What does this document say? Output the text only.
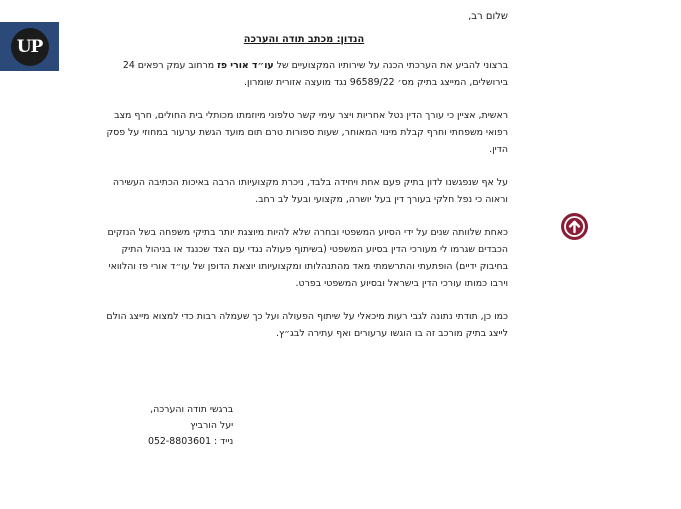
UP

שלום רב,

הנדון: מכתב תודה והערכה

ברצוני להביע את הערכתי הכנה על שירותיו המקצועיים של עו״ד אורי פז מרחוב עמק רפאים 24 בירושלים, המייצג בתיק מס׳ 96589/22 נגד מועצה אזורית שומרון.

ראשית, אציין כי עורך הדין נטל אחריות ויצר עימי קשר טלפוני מיוזמתו מכותלי בית החולים, חרף מצב רפואי משפחתי וחרף קבלת מינוי המאוחר, שעות ספורות טרם תום מועד הגשת ערעור במחוזי על פסק הדין.

על אף שנפגשנו לדון בתיק פעם אחת ויחידה בלבד, ניכרת מקצועיותו הרבה באיכות הכתיבה העשירה וראוה כי נפל חלקי בעורך דין בעל יושרה, מקצועי ובעל לב רחב.

כאחת שלוותה שנים על ידי הסיוע המשפטי ובחרה שלא להיות מיוצגת יותר בתיקי משפחה בשל הנזקים הכבדים שגרמו לי מעורכי הדין בסיוע המשפטי (בשיתוף פעולה נגדי עם הצד שכנגד או בניהול התיק בחיבוק ידיים) הופתעתי והתרשמתי מאד מהתנהלותו ומקצועיותו יוצאת הדופן של עו״ד אורי פז והלוואי וירבו כמותו עורכי הדין בישראל ובסיוע המשפטי בפרט.

כמו כן, תודתי נתונה לגבי רעות מיכאלי על שיתוף הפעולה ועל כך שעמלה רבות כדי למצוא מייצג הולם לייצג בתיק מורכב זה בו הוגשו ערעורים ואף עתירה לבג״ץ.

ברגשי תודה והערכה,
יעל הורביץ
נייד : 052-8803601
